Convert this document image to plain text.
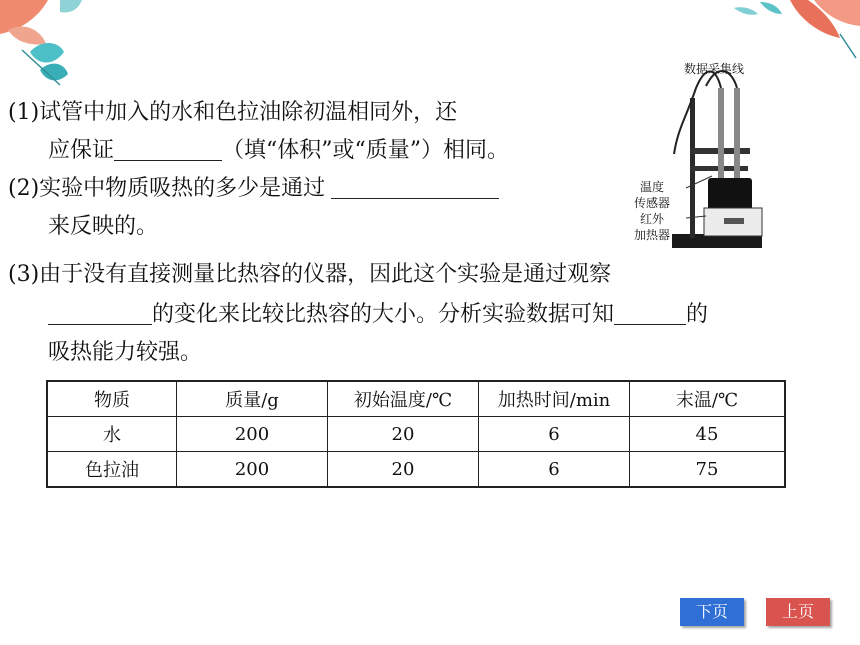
(1)试管中加入的水和色拉油除初温相同外，还
应保证	（填“体积”或“质量”）相同。
(2)实验中物质吸热的多少是通过
来反映的。
(3)由于没有直接测量比热容的仪器，因此这个实验是通过观察
的变化来比较比热容的大小。分析实验数据可知	的
吸热能力较强。
数据采集线
温度
传感器
红外
加热器
物质	质量/g	初始温度/℃	加热时间/min	末温/℃
水	200	20	6	45
色拉油	200	20	6	75
下页	上页
